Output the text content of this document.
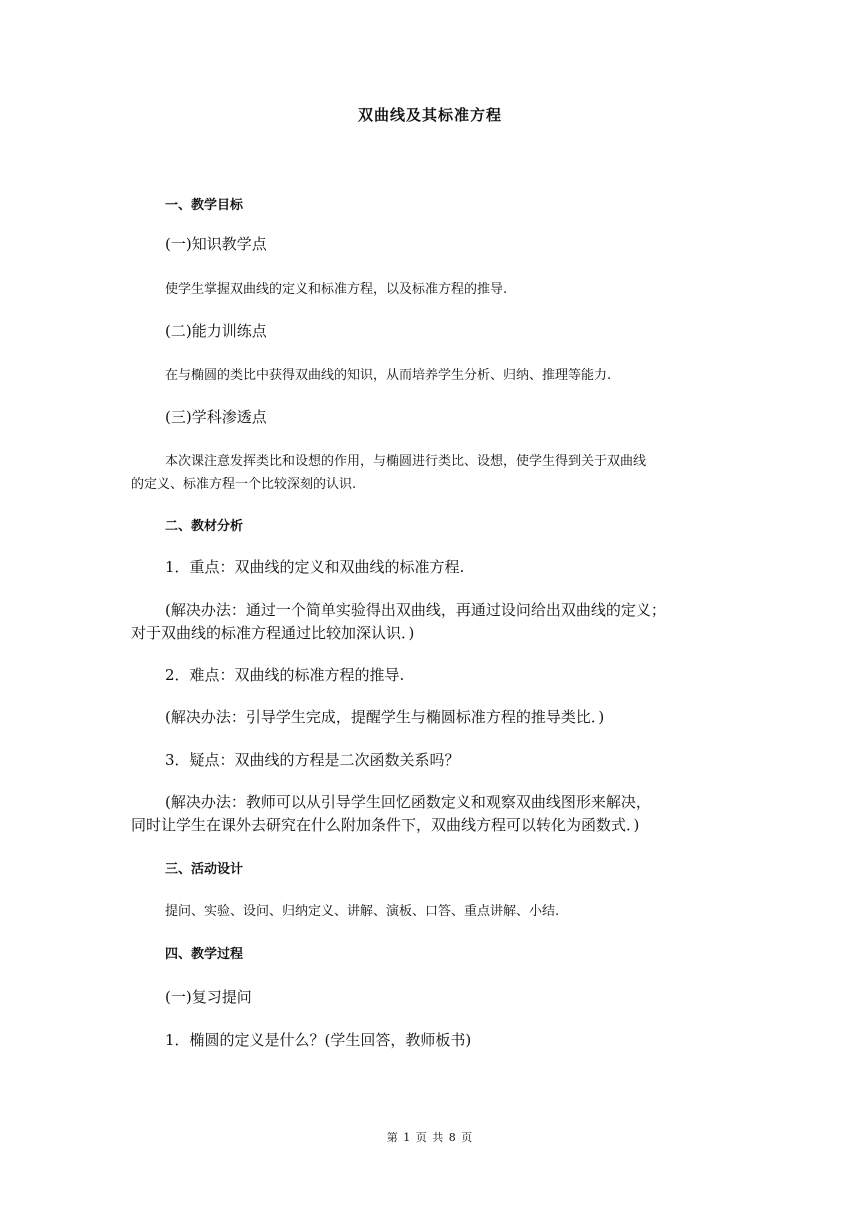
双曲线及其标准方程
一、教学目标
(一)知识教学点
使学生掌握双曲线的定义和标准方程，以及标准方程的推导.
(二)能力训练点
在与椭圆的类比中获得双曲线的知识，从而培养学生分析、归纳、推理等能力.
(三)学科渗透点
本次课注意发挥类比和设想的作用，与椭圆进行类比、设想，使学生得到关于双曲线
的定义、标准方程一个比较深刻的认识.
二、教材分析
1．重点：双曲线的定义和双曲线的标准方程.
(解决办法：通过一个简单实验得出双曲线，再通过设问给出双曲线的定义；
对于双曲线的标准方程通过比较加深认识．)
2．难点：双曲线的标准方程的推导.
(解决办法：引导学生完成，提醒学生与椭圆标准方程的推导类比．)
3．疑点：双曲线的方程是二次函数关系吗？
(解决办法：教师可以从引导学生回忆函数定义和观察双曲线图形来解决，
同时让学生在课外去研究在什么附加条件下，双曲线方程可以转化为函数式．)
三、活动设计
提问、实验、设问、归纳定义、讲解、演板、口答、重点讲解、小结.
四、教学过程
(一)复习提问
1．椭圆的定义是什么？(学生回答，教师板书)
第 1 页 共 8 页
